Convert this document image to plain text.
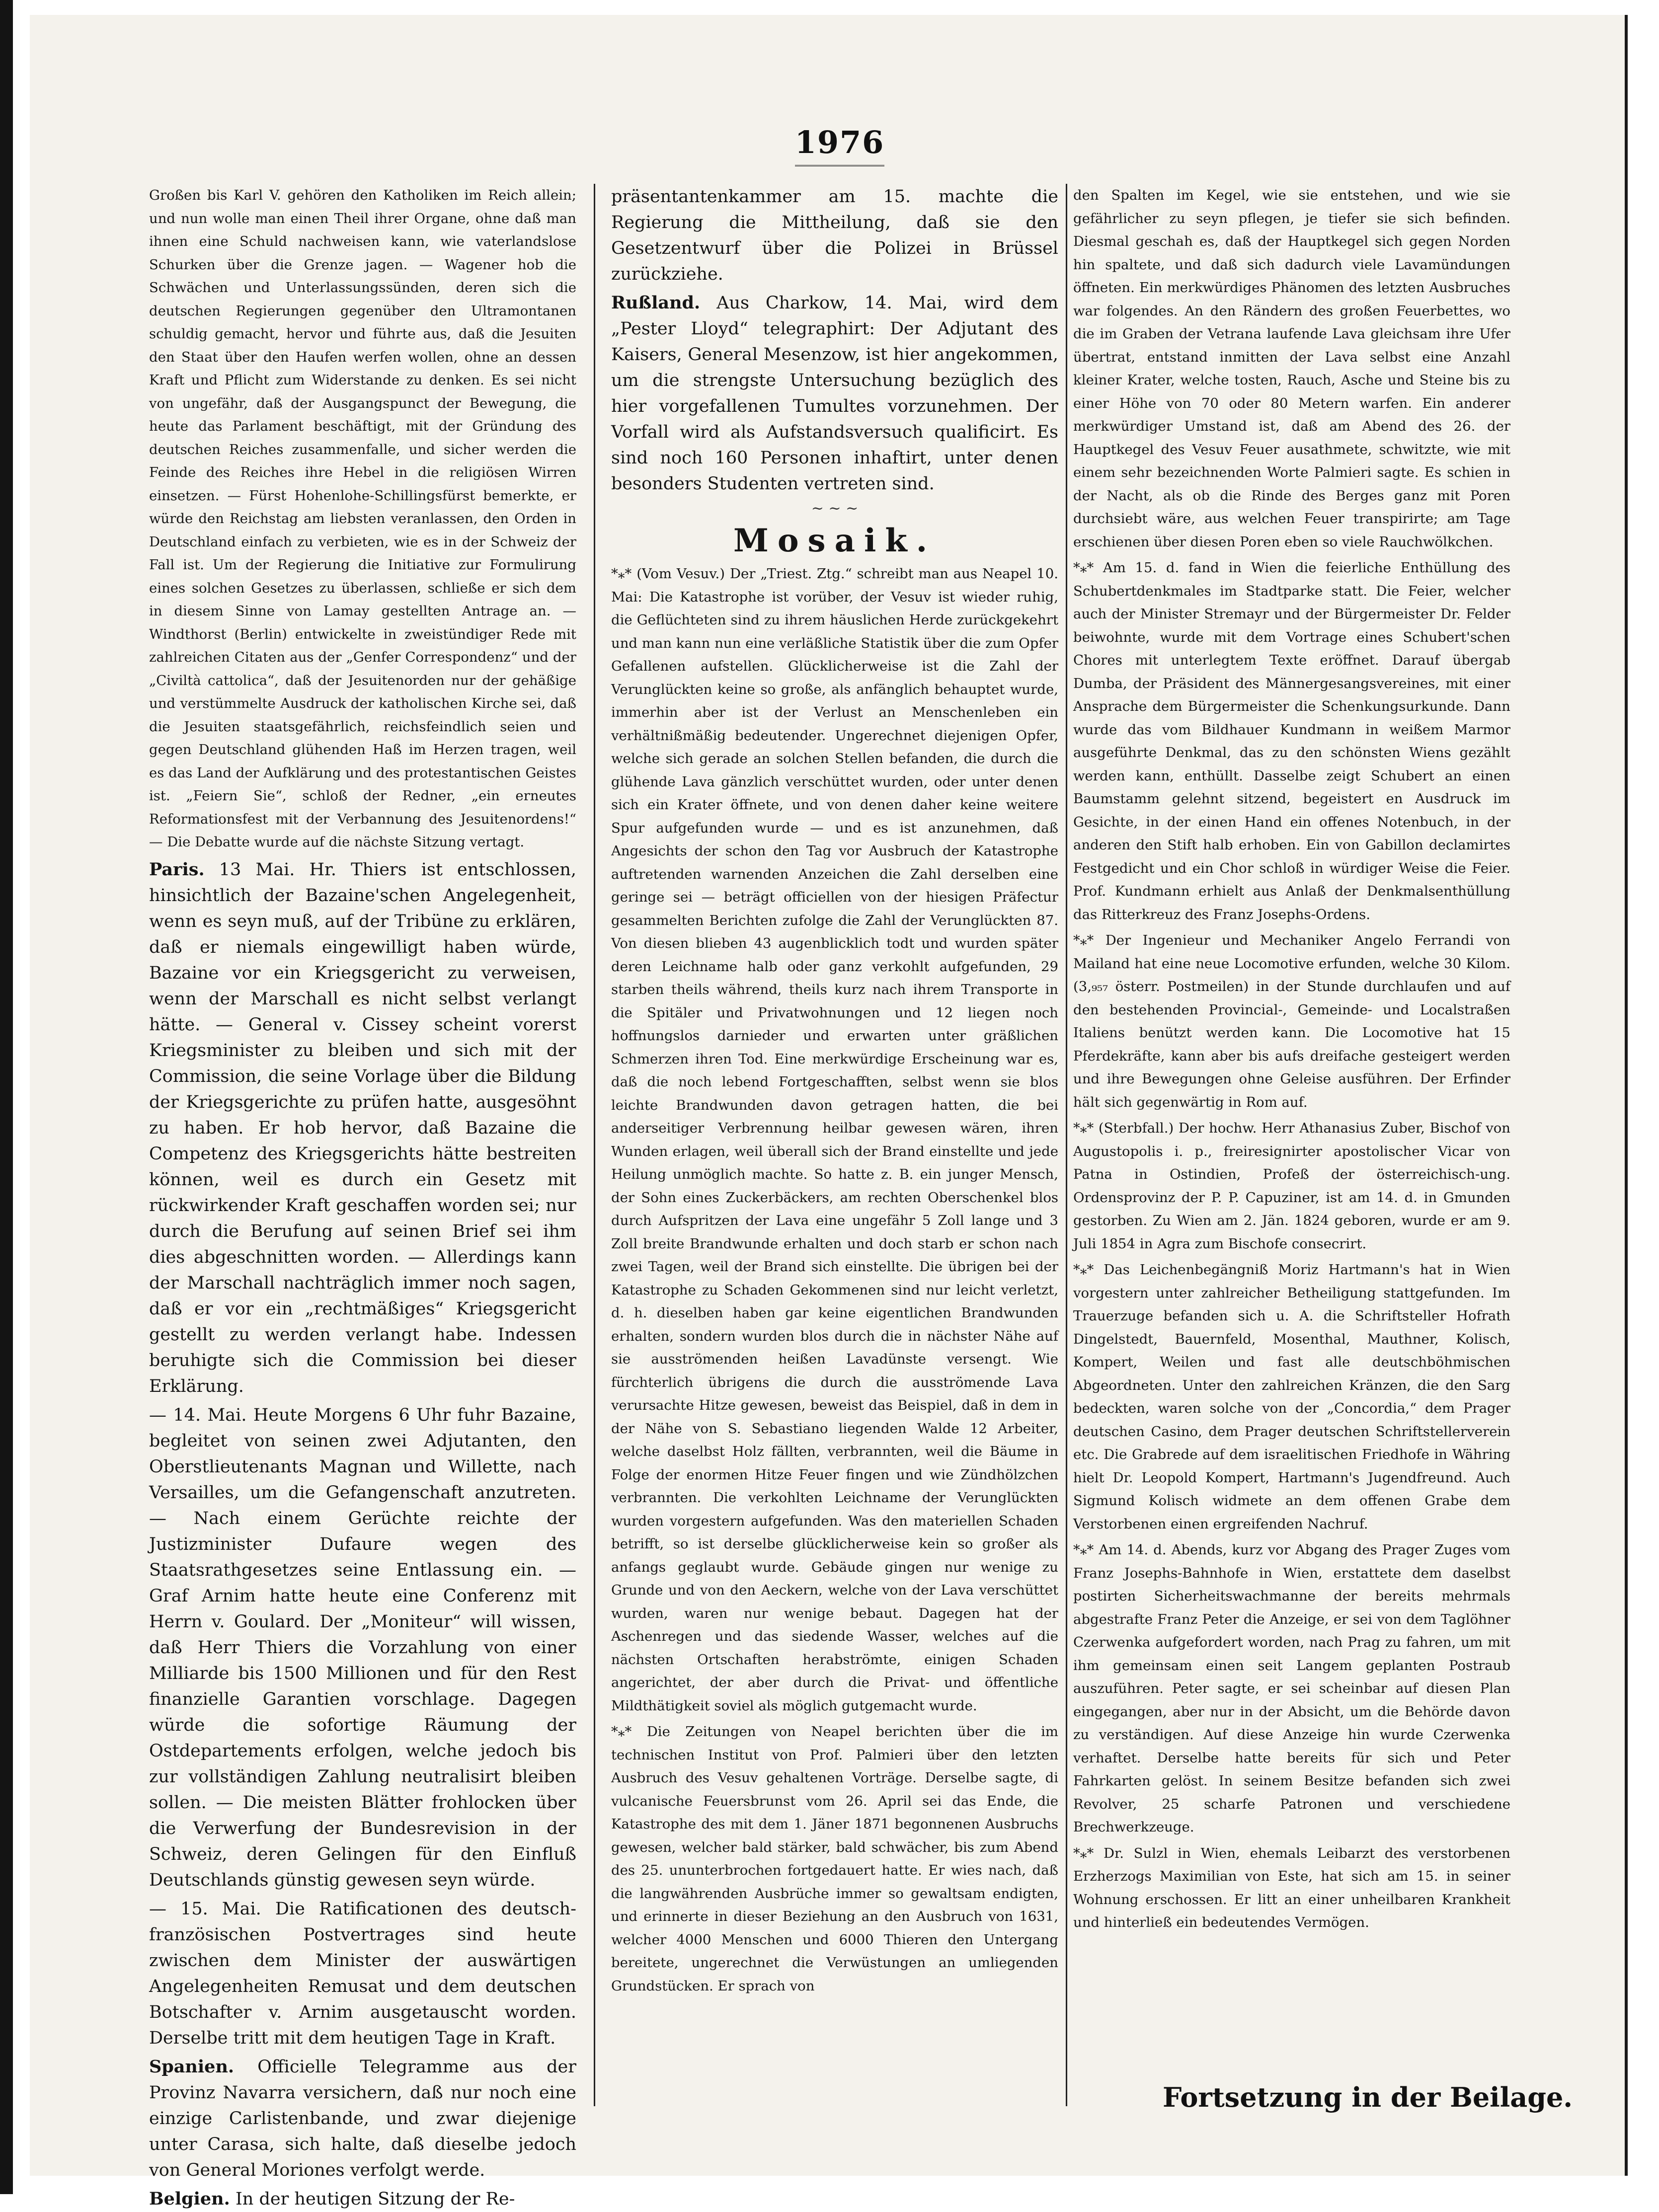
1976

Großen bis Karl V. gehören den Katholiken im Reich allein; und nun wolle man einen Theil ihrer Organe, ohne daß man ihnen eine Schuld nachweisen kann, wie vaterlandslose Schurken über die Grenze jagen. — Wagener hob die Schwächen und Unterlassungssünden, deren sich die deutschen Regierungen gegenüber den Ultramontanen schuldig gemacht, hervor und führte aus, daß die Jesuiten den Staat über den Haufen werfen wollen, ohne an dessen Kraft und Pflicht zum Widerstande zu denken. Es sei nicht von ungefähr, daß der Ausgangspunct der Bewegung, die heute das Parlament beschäftigt, mit der Gründung des deutschen Reiches zusammenfalle, und sicher werden die Feinde des Reiches ihre Hebel in die religiösen Wirren einsetzen. — Fürst Hohenlohe-Schillingsfürst bemerkte, er würde den Reichstag am liebsten veranlassen, den Orden in Deutschland einfach zu verbieten, wie es in der Schweiz der Fall ist. Um der Regierung die Initiative zur Formulirung eines solchen Gesetzes zu überlassen, schließe er sich dem in diesem Sinne von Lamay gestellten Antrage an. — Windthorst (Berlin) entwickelte in zweistündiger Rede mit zahlreichen Citaten aus der „Genfer Correspondenz“ und der „Civiltà cattolica“, daß der Jesuitenorden nur der gehäßige und verstümmelte Ausdruck der katholischen Kirche sei, daß die Jesuiten staatsgefährlich, reichsfeindlich seien und gegen Deutschland glühenden Haß im Herzen tragen, weil es das Land der Aufklärung und des protestantischen Geistes ist. „Feiern Sie“, schloß der Redner, „ein erneutes Reformationsfest mit der Verbannung des Jesuitenordens!“ — Die Debatte wurde auf die nächste Sitzung vertagt.

Paris. 13 Mai. Hr. Thiers ist entschlossen, hinsichtlich der Bazaine'schen Angelegenheit, wenn es seyn muß, auf der Tribüne zu erklären, daß er niemals eingewilligt haben würde, Bazaine vor ein Kriegsgericht zu verweisen, wenn der Marschall es nicht selbst verlangt hätte. — General v. Cissey scheint vorerst Kriegsminister zu bleiben und sich mit der Commission, die seine Vorlage über die Bildung der Kriegsgerichte zu prüfen hatte, ausgesöhnt zu haben. Er hob hervor, daß Bazaine die Competenz des Kriegsgerichts hätte bestreiten können, weil es durch ein Gesetz mit rückwirkender Kraft geschaffen worden sei; nur durch die Berufung auf seinen Brief sei ihm dies abgeschnitten worden. — Allerdings kann der Marschall nachträglich immer noch sagen, daß er vor ein „rechtmäßiges“ Kriegsgericht gestellt zu werden verlangt habe. Indessen beruhigte sich die Commission bei dieser Erklärung.

— 14. Mai. Heute Morgens 6 Uhr fuhr Bazaine, begleitet von seinen zwei Adjutanten, den Oberstlieutenants Magnan und Willette, nach Versailles, um die Gefangenschaft anzutreten. — Nach einem Gerüchte reichte der Justizminister Dufaure wegen des Staatsrathgesetzes seine Entlassung ein. — Graf Arnim hatte heute eine Conferenz mit Herrn v. Goulard. Der „Moniteur“ will wissen, daß Herr Thiers die Vorzahlung von einer Milliarde bis 1500 Millionen und für den Rest finanzielle Garantien vorschlage. Dagegen würde die sofortige Räumung der Ostdepartements erfolgen, welche jedoch bis zur vollständigen Zahlung neutralisirt bleiben sollen. — Die meisten Blätter frohlocken über die Verwerfung der Bundesrevision in der Schweiz, deren Gelingen für den Einfluß Deutschlands günstig gewesen seyn würde.

— 15. Mai. Die Ratificationen des deutsch-französischen Postvertrages sind heute zwischen dem Minister der auswärtigen Angelegenheiten Remusat und dem deutschen Botschafter v. Arnim ausgetauscht worden. Derselbe tritt mit dem heutigen Tage in Kraft.

Spanien. Officielle Telegramme aus der Provinz Navarra versichern, daß nur noch eine einzige Carlistenbande, und zwar diejenige unter Carasa, sich halte, daß dieselbe jedoch von General Moriones verfolgt werde.

Belgien. In der heutigen Sitzung der Re-

präsentantenkammer am 15. machte die Regierung die Mittheilung, daß sie den Gesetzentwurf über die Polizei in Brüssel zurückziehe.

Rußland. Aus Charkow, 14. Mai, wird dem „Pester Lloyd“ telegraphirt: Der Adjutant des Kaisers, General Mesenzow, ist hier angekommen, um die strengste Untersuchung bezüglich des hier vorgefallenen Tumultes vorzunehmen. Der Vorfall wird als Aufstandsversuch qualificirt. Es sind noch 160 Personen inhaftirt, unter denen besonders Studenten vertreten sind.

~ ~ ~
Mosaik.

*⁎* (Vom Vesuv.) Der „Triest. Ztg.“ schreibt man aus Neapel 10. Mai: Die Katastrophe ist vorüber, der Vesuv ist wieder ruhig, die Geflüchteten sind zu ihrem häuslichen Herde zurückgekehrt und man kann nun eine verläßliche Statistik über die zum Opfer Gefallenen aufstellen. Glücklicherweise ist die Zahl der Verunglückten keine so große, als anfänglich behauptet wurde, immerhin aber ist der Verlust an Menschenleben ein verhältnißmäßig bedeutender. Ungerechnet diejenigen Opfer, welche sich gerade an solchen Stellen befanden, die durch die glühende Lava gänzlich verschüttet wurden, oder unter denen sich ein Krater öffnete, und von denen daher keine weitere Spur aufgefunden wurde — und es ist anzunehmen, daß Angesichts der schon den Tag vor Ausbruch der Katastrophe auftretenden warnenden Anzeichen die Zahl derselben eine geringe sei — beträgt officiellen von der hiesigen Präfectur gesammelten Berichten zufolge die Zahl der Verunglückten 87. Von diesen blieben 43 augenblicklich todt und wurden später deren Leichname halb oder ganz verkohlt aufgefunden, 29 starben theils während, theils kurz nach ihrem Transporte in die Spitäler und Privatwohnungen und 12 liegen noch hoffnungslos darnieder und erwarten unter gräßlichen Schmerzen ihren Tod. Eine merkwürdige Erscheinung war es, daß die noch lebend Fortgeschafften, selbst wenn sie blos leichte Brandwunden davon getragen hatten, die bei anderseitiger Verbrennung heilbar gewesen wären, ihren Wunden erlagen, weil überall sich der Brand einstellte und jede Heilung unmöglich machte. So hatte z. B. ein junger Mensch, der Sohn eines Zuckerbäckers, am rechten Oberschenkel blos durch Aufspritzen der Lava eine ungefähr 5 Zoll lange und 3 Zoll breite Brandwunde erhalten und doch starb er schon nach zwei Tagen, weil der Brand sich einstellte. Die übrigen bei der Katastrophe zu Schaden Gekommenen sind nur leicht verletzt, d. h. dieselben haben gar keine eigentlichen Brandwunden erhalten, sondern wurden blos durch die in nächster Nähe auf sie ausströmenden heißen Lavadünste versengt. Wie fürchterlich übrigens die durch die ausströmende Lava verursachte Hitze gewesen, beweist das Beispiel, daß in dem in der Nähe von S. Sebastiano liegenden Walde 12 Arbeiter, welche daselbst Holz fällten, verbrannten, weil die Bäume in Folge der enormen Hitze Feuer fingen und wie Zündhölzchen verbrannten. Die verkohlten Leichname der Verunglückten wurden vorgestern aufgefunden. Was den materiellen Schaden betrifft, so ist derselbe glücklicherweise kein so großer als anfangs geglaubt wurde. Gebäude gingen nur wenige zu Grunde und von den Aeckern, welche von der Lava verschüttet wurden, waren nur wenige bebaut. Dagegen hat der Aschenregen und das siedende Wasser, welches auf die nächsten Ortschaften herabströmte, einigen Schaden angerichtet, der aber durch die Privat- und öffentliche Mildthätigkeit soviel als möglich gutgemacht wurde.

*⁎* Die Zeitungen von Neapel berichten über die im technischen Institut von Prof. Palmieri über den letzten Ausbruch des Vesuv gehaltenen Vorträge. Derselbe sagte, di vulcanische Feuersbrunst vom 26. April sei das Ende, die Katastrophe des mit dem 1. Jäner 1871 begonnenen Ausbruchs gewesen, welcher bald stärker, bald schwächer, bis zum Abend des 25. ununterbrochen fortgedauert hatte. Er wies nach, daß die langwährenden Ausbrüche immer so gewaltsam endigten, und erinnerte in dieser Beziehung an den Ausbruch von 1631, welcher 4000 Menschen und 6000 Thieren den Untergang bereitete, ungerechnet die Verwüstungen an umliegenden Grundstücken. Er sprach von

den Spalten im Kegel, wie sie entstehen, und wie sie gefährlicher zu seyn pflegen, je tiefer sie sich befinden. Diesmal geschah es, daß der Hauptkegel sich gegen Norden hin spaltete, und daß sich dadurch viele Lavamündungen öffneten. Ein merkwürdiges Phänomen des letzten Ausbruches war folgendes. An den Rändern des großen Feuerbettes, wo die im Graben der Vetrana laufende Lava gleichsam ihre Ufer übertrat, entstand inmitten der Lava selbst eine Anzahl kleiner Krater, welche tosten, Rauch, Asche und Steine bis zu einer Höhe von 70 oder 80 Metern warfen. Ein anderer merkwürdiger Umstand ist, daß am Abend des 26. der Hauptkegel des Vesuv Feuer ausathmete, schwitzte, wie mit einem sehr bezeichnenden Worte Palmieri sagte. Es schien in der Nacht, als ob die Rinde des Berges ganz mit Poren durchsiebt wäre, aus welchen Feuer transpirirte; am Tage erschienen über diesen Poren eben so viele Rauchwölkchen.

*⁎* Am 15. d. fand in Wien die feierliche Enthüllung des Schubertdenkmales im Stadtparke statt. Die Feier, welcher auch der Minister Stremayr und der Bürgermeister Dr. Felder beiwohnte, wurde mit dem Vortrage eines Schubert'schen Chores mit unterlegtem Texte eröffnet. Darauf übergab Dumba, der Präsident des Männergesangsvereines, mit einer Ansprache dem Bürgermeister die Schenkungsurkunde. Dann wurde das vom Bildhauer Kundmann in weißem Marmor ausgeführte Denkmal, das zu den schönsten Wiens gezählt werden kann, enthüllt. Dasselbe zeigt Schubert an einen Baumstamm gelehnt sitzend, begeistert en Ausdruck im Gesichte, in der einen Hand ein offenes Notenbuch, in der anderen den Stift halb erhoben. Ein von Gabillon declamirtes Festgedicht und ein Chor schloß in würdiger Weise die Feier. Prof. Kundmann erhielt aus Anlaß der Denkmalsenthüllung das Ritterkreuz des Franz Josephs-Ordens.

*⁎* Der Ingenieur und Mechaniker Angelo Ferrandi von Mailand hat eine neue Locomotive erfunden, welche 30 Kilom. (3,₉₅₇ österr. Postmeilen) in der Stunde durchlaufen und auf den bestehenden Provincial-, Gemeinde- und Localstraßen Italiens benützt werden kann. Die Locomotive hat 15 Pferdekräfte, kann aber bis aufs dreifache gesteigert werden und ihre Bewegungen ohne Geleise ausführen. Der Erfinder hält sich gegenwärtig in Rom auf.

*⁎* (Sterbfall.) Der hochw. Herr Athanasius Zuber, Bischof von Augustopolis i. p., freiresignirter apostolischer Vicar von Patna in Ostindien, Profeß der österreichisch-ung. Ordensprovinz der P. P. Capuziner, ist am 14. d. in Gmunden gestorben. Zu Wien am 2. Jän. 1824 geboren, wurde er am 9. Juli 1854 in Agra zum Bischofe consecrirt.

*⁎* Das Leichenbegängniß Moriz Hartmann's hat in Wien vorgestern unter zahlreicher Betheiligung stattgefunden. Im Trauerzuge befanden sich u. A. die Schriftsteller Hofrath Dingelstedt, Bauernfeld, Mosenthal, Mauthner, Kolisch, Kompert, Weilen und fast alle deutschböhmischen Abgeordneten. Unter den zahlreichen Kränzen, die den Sarg bedeckten, waren solche von der „Concordia,“ dem Prager deutschen Casino, dem Prager deutschen Schriftstellerverein etc. Die Grabrede auf dem israelitischen Friedhofe in Währing hielt Dr. Leopold Kompert, Hartmann's Jugendfreund. Auch Sigmund Kolisch widmete an dem offenen Grabe dem Verstorbenen einen ergreifenden Nachruf.

*⁎* Am 14. d. Abends, kurz vor Abgang des Prager Zuges vom Franz Josephs-Bahnhofe in Wien, erstattete dem daselbst postirten Sicherheitswachmanne der bereits mehrmals abgestrafte Franz Peter die Anzeige, er sei von dem Taglöhner Czerwenka aufgefordert worden, nach Prag zu fahren, um mit ihm gemeinsam einen seit Langem geplanten Postraub auszuführen. Peter sagte, er sei scheinbar auf diesen Plan eingegangen, aber nur in der Absicht, um die Behörde davon zu verständigen. Auf diese Anzeige hin wurde Czerwenka verhaftet. Derselbe hatte bereits für sich und Peter Fahrkarten gelöst. In seinem Besitze befanden sich zwei Revolver, 25 scharfe Patronen und verschiedene Brechwerkzeuge.

*⁎* Dr. Sulzl in Wien, ehemals Leibarzt des verstorbenen Erzherzogs Maximilian von Este, hat sich am 15. in seiner Wohnung erschossen. Er litt an einer unheilbaren Krankheit und hinterließ ein bedeutendes Vermögen.

Fortsetzung in der Beilage.
